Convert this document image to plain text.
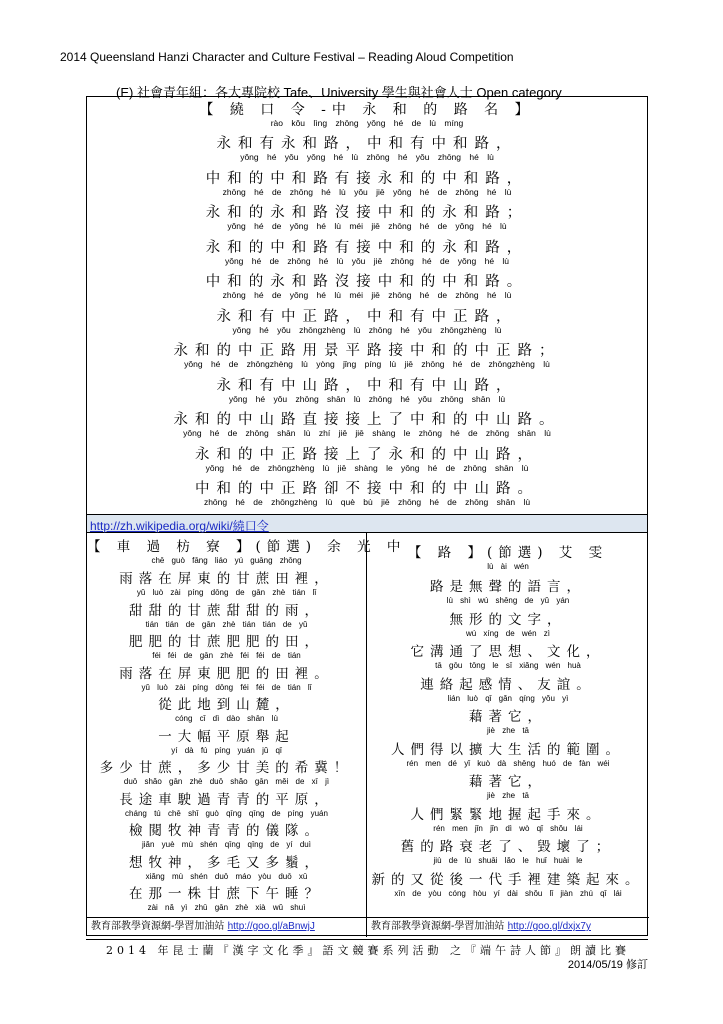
2014 Queensland Hanzi Character and Culture Festival – Reading Aloud Competition
(E) 社會青年組：各大專院校 Tafe、University 學生與社會人士 Open category
【 繞 口 令 -中 永 和 的 路 名 】
rào kǒu lìng zhōng yǒng hé de lù míng
永和有永和路，中和有中和路，
yǒng hé yǒu yǒng hé lù zhōng hé yǒu zhōng hé lù
中和的中和路有接永和的中和路，
zhōng hé de zhōng hé lù yǒu jiē yǒng hé de zhōng hé lù
永和的永和路沒接中和的永和路；
yǒng hé de yǒng hé lù méi jiē zhōng hé de yǒng hé lù
永和的中和路有接中和的永和路，
yǒng hé de zhōng hé lù yǒu jiē zhōng hé de yǒng hé lù
中和的永和路沒接中和的中和路。
zhōng hé de yǒng hé lù méi jiē zhōng hé de zhōng hé lù
永和有中正路，中和有中正路，
yǒng hé yǒu zhōngzhèng lù zhōng hé yǒu zhōngzhèng lù
永和的中正路用景平路接中和的中正路；
yǒng hé de zhōngzhèng lù yòng jǐng píng lù jiē zhōng hé de zhōngzhèng lù
永和有中山路，中和有中山路，
yǒng hé yǒu zhōng shān lù zhōng hé yǒu zhōng shān lù
永和的中山路直接接上了中和的中山路。
yǒng hé de zhōng shān lù zhí jiē jiē shàng le zhōng hé de zhōng shān lù
永和的中正路接上了永和的中山路，
yǒng hé de zhōngzhèng lù jiē shàng le yǒng hé de zhōng shān lù
中和的中正路卻不接中和的中山路。
zhōng hé de zhōngzhèng lù què bù jiē zhōng hé de zhōng shān lù
http://zh.wikipedia.org/wiki/繞口令
【 車 過 枋 寮 】(節選) 余 光 中
chē guò fāng liáo yú guāng zhōng
雨落在屏東的甘蔗田裡，
yǔ luò zài píng dōng de gān zhè tián lǐ
甜甜的甘蔗甜甜的雨，
tián tián de gān zhè tián tián de yǔ
肥肥的甘蔗肥肥的田，
féi féi de gān zhè féi féi de tián
雨落在屏東肥肥的田裡。
yǔ luò zài píng dōng féi féi de tián lǐ
從此地到山麓，
cóng cǐ dì dào shān lù
一大幅平原舉起
yí dà fú píng yuán jǔ qǐ
多少甘蔗，多少甘美的希冀！
duō shǎo gān zhè duō shǎo gān měi de xī jì
長途車駛過青青的平原，
cháng tú chē shǐ guò qīng qīng de píng yuán
檢閱牧神青青的儀隊。
jiǎn yuè mù shén qīng qīng de yí duì
想牧神，多毛又多鬚，
xiǎng mù shén duō máo yòu duō xū
在那一株甘蔗下午睡？
zài nǎ yì zhū gān zhè xià wǔ shuì
【 路 】(節選) 艾 雯
lù ài wén
路是無聲的語言，
lù shì wú shēng de yǔ yán
無形的文字，
wú xíng de wén zì
它溝通了思想、文化，
tā gōu tōng le sī xiǎng wén huà
連絡起感情、友誼。
lián luò qǐ gǎn qíng yǒu yì
藉著它，
jiè zhe tā
人們得以擴大生活的範圍。
rén men dé yǐ kuò dà shēng huó de fàn wéi
藉著它，
jiè zhe tā
人們緊緊地握起手來。
rén men jǐn jǐn dì wò qǐ shǒu lái
舊的路衰老了、毀壞了；
jiù de lù shuāi lǎo le huǐ huài le
新的又從後一代手裡建築起來。
xīn de yòu cóng hòu yí dài shǒu lǐ jiàn zhú qǐ lái
教育部教學資源網-學習加油站 http://goo.gl/aBnwjJ	教育部教學資源網-學習加油站 http://goo.gl/dxjx7y
2014 年昆士蘭『漢字文化季』語文競賽系列活動 之『端午詩人節』朗讀比賽
2014/05/19 修訂
